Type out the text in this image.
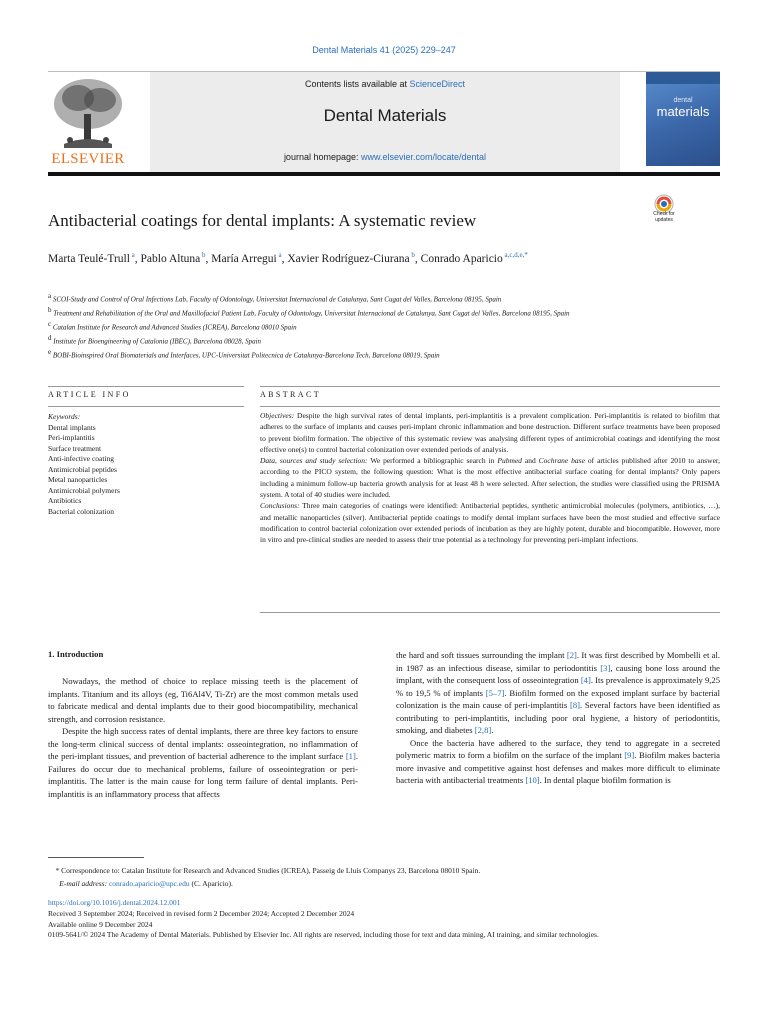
Dental Materials 41 (2025) 229–247
ELSEVIER
Contents lists available at ScienceDirect
Dental Materials
journal homepage: www.elsevier.com/locate/dental
dental
materials
Check for updates
Antibacterial coatings for dental implants: A systematic review
Marta Teulé-Trull $^a$, Pablo Altuna $^b$, María Arregui $^a$, Xavier Rodríguez-Ciurana $^b$, Conrado Aparicio $^{a,c,d,e,*}$
$^a$ SCOI-Study and Control of Oral Infections Lab, Faculty of Odontology, Universitat Internacional de Catalunya, Sant Cugat del Valles, Barcelona 08195, Spain
$^b$ Treatment and Rehabilitation of the Oral and Maxillofacial Patient Lab, Faculty of Odontology, Universitat Internacional de Catalunya, Sant Cugat del Valles, Barcelona 08195, Spain
$^c$ Catalan Institute for Research and Advanced Studies (ICREA), Barcelona 08010 Spain
$^d$ Institute for Bioengineering of Catalonia (IBEC), Barcelona 08028, Spain
$^e$ BOBI-Bioinspired Oral Biomaterials and Interfaces, UPC-Universitat Politecnica de Catalunya-Barcelona Tech, Barcelona 08019, Spain
ARTICLE INFO	ABSTRACT
Keywords:
Dental implants
Peri-implantitis
Surface treatment
Anti-infective coating
Antimicrobial peptides
Metal nanoparticles
Antimicrobial polymers
Antibiotics
Bacterial colonization

Objectives: Despite the high survival rates of dental implants, peri-implantitis is a prevalent complication. Peri-implantitis is related to biofilm that adheres to the surface of implants and causes peri-implant chronic inflammation and bone destruction. Different surface treatments have been proposed to prevent biofilm formation. The objective of this systematic review was analysing different types of antimicrobial coatings and identifying the most effective one(s) to control bacterial colonization over extended periods of analysis.

Data, sources and study selection: We performed a bibliographic search in Pubmed and Cochrane base of articles published after 2010 to answer, according to the PICO system, the following question: What is the most effective antibacterial surface coating for dental implants? Only papers including a minimum follow-up bacteria growth analysis for at least 48 h were selected. After selection, the studies were classified using the PRISMA system. A total of 40 studies were included.

Conclusions: Three main categories of coatings were identified: Antibacterial peptides, synthetic antimicrobial molecules (polymers, antibiotics, …), and metallic nanoparticles (silver). Antibacterial peptide coatings to modify dental implant surfaces have been the most studied and effective surface modification to control bacterial colonization over extended periods of incubation as they are highly potent, durable and biocompatible. However, more in vitro and pre-clinical studies are needed to assess their true potential as a technology for preventing peri-implant infections.

1. Introduction

Nowadays, the method of choice to replace missing teeth is the placement of implants. Titanium and its alloys (eg, Ti6Al4V, Ti-Zr) are the most common metals used to fabricate medical and dental implants due to their good biocompatibility, mechanical strength, and corrosion resistance.

Despite the high success rates of dental implants, there are three key factors to ensure the long-term clinical success of dental implants: osseointegration, no inflammation of the peri-implant tissues, and prevention of bacterial adherence to the implant surface [1]. Failures do occur due to mechanical problems, failure of osseointegration or peri-implantitis. The latter is the main cause for long term failure of dental implants. Peri-implantitis is an inflammatory process that affects

the hard and soft tissues surrounding the implant [2]. It was first described by Mombelli et al. in 1987 as an infectious disease, similar to periodontitis [3], causing bone loss around the implant, with the consequent loss of osseointegration [4]. Its prevalence is approximately 9,25 % to 19,5 % of implants [5–7]. Biofilm formed on the exposed implant surface by bacterial colonization is the main cause of peri-implantitis [8]. Several factors have been identified as contributing to peri-implantitis, including poor oral hygiene, a history of periodontitis, smoking, and diabetes [2,8].

Once the bacteria have adhered to the surface, they tend to aggregate in a secreted polymeric matrix to form a biofilm on the surface of the implant [9]. Biofilm makes bacteria more invasive and competitive against host defenses and makes more difficult to eliminate bacteria with antibacterial treatments [10]. In dental plaque biofilm formation is

* Correspondence to: Catalan Institute for Research and Advanced Studies (ICREA), Passeig de Lluís Companys 23, Barcelona 08010 Spain.
E-mail address: conrado.aparicio@upc.edu (C. Aparicio).
https://doi.org/10.1016/j.dental.2024.12.001
Received 3 September 2024; Received in revised form 2 December 2024; Accepted 2 December 2024
Available online 9 December 2024
0109-5641/© 2024 The Academy of Dental Materials. Published by Elsevier Inc. All rights are reserved, including those for text and data mining, AI training, and similar technologies.
